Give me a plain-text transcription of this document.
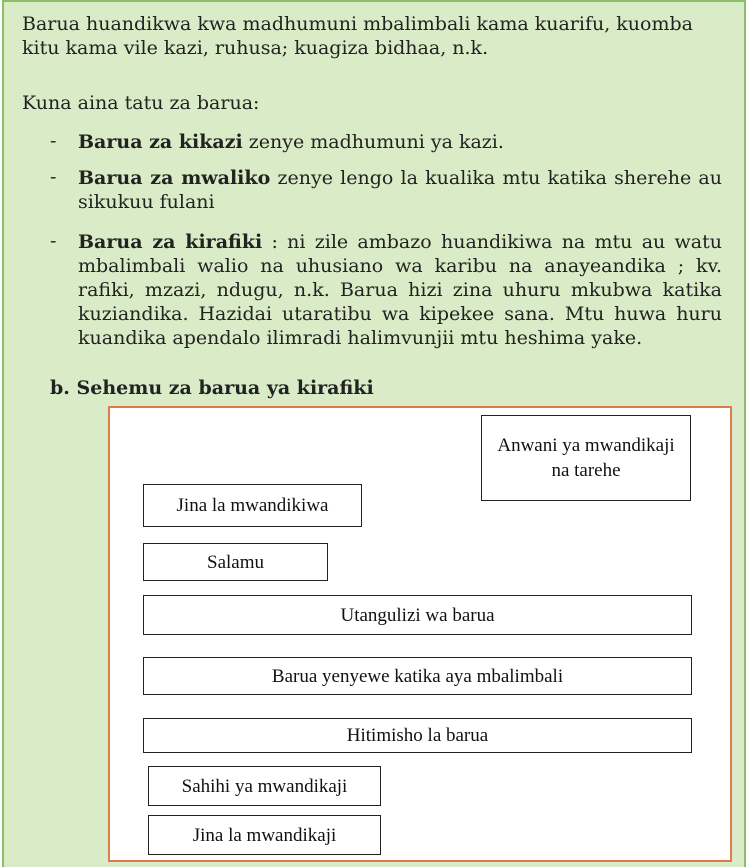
Barua huandikwa kwa madhumuni mbalimbali kama kuarifu, kuomba kitu kama vile kazi, ruhusa; kuagiza bidhaa, n.k.
Kuna aina tatu za barua:
- Barua za kikazi zenye madhumuni ya kazi.
- Barua za mwaliko zenye lengo la kualika mtu katika sherehe au sikukuu fulani
- Barua za kirafiki : ni zile ambazo huandikiwa na mtu au watu mbalimbali walio na uhusiano wa karibu na anayeandika ; kv. rafiki, mzazi, ndugu, n.k. Barua hizi zina uhuru mkubwa katika kuziandika. Hazidai utaratibu wa kipekee sana. Mtu huwa huru kuandika apendalo ilimradi halimvunjii mtu heshima yake.
b. Sehemu za barua ya kirafiki
Anwani ya mwandikaji na tarehe
Jina la mwandikiwa
Salamu
Utangulizi wa barua
Barua yenyewe katika aya mbalimbali
Hitimisho la barua
Sahihi ya mwandikaji
Jina la mwandikaji
